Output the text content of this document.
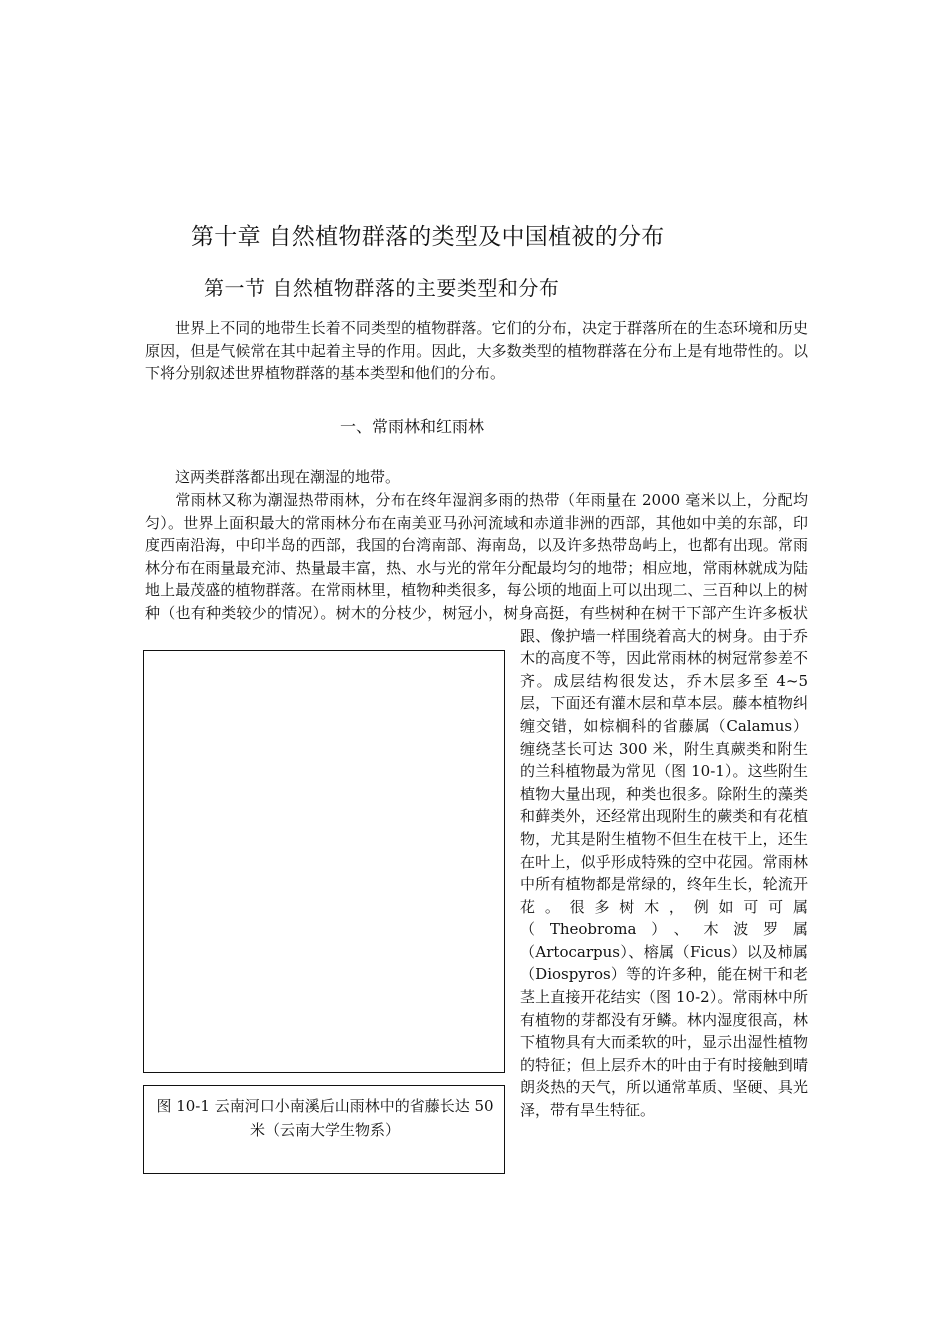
第十章 自然植物群落的类型及中国植被的分布
第一节 自然植物群落的主要类型和分布

世界上不同的地带生长着不同类型的植物群落。它们的分布，决定于群落所在的生态环境和历史原因，但是气候常在其中起着主导的作用。因此，大多数类型的植物群落在分布上是有地带性的。以下将分别叙述世界植物群落的基本类型和他们的分布。

一、常雨林和红雨林

这两类群落都出现在潮湿的地带。

常雨林又称为潮湿热带雨林，分布在终年湿润多雨的热带（年雨量在 2000 毫米以上，分配均匀）。世界上面积最大的常雨林分布在南美亚马孙河流域和赤道非洲的西部，其他如中美的东部，印度西南沿海，中印半岛的西部，我国的台湾南部、海南岛，以及许多热带岛屿上，也都有出现。常雨林分布在雨量最充沛、热量最丰富，热、水与光的常年分配最均匀的地带；相应地，常雨林就成为陆地上最茂盛的植物群落。在常雨林里，植物种类很多，每公顷的地面上可以出现二、三百种以上的树种（也有种类较少的情况）。树木的分枝少，树冠小，树身高挺，有些树种在树干下部产生许多板状跟、像护墙一样围绕着高大的树身。由于乔木的高度不等，因此常雨林的树冠常参差不齐。成层结构很发达，乔木层多至 4~5 层，下面还有灌木层和草本层。藤本植物纠缠交错，如棕榈科的省藤属（Calamus）缠绕茎长可达 300 米，附生真蕨类和附生的兰科植物最为常见（图 10-1）。这些附生植物大量出现，种类也很多。除附生的藻类和藓类外，还经常出现附生的蕨类和有花植物，尤其是附生植物不但生在枝干上，还生在叶上，似乎形成特殊的空中花园。常雨林中所有植物都是常绿的，终年生长，轮流开花。很多树木，例如可可属（Theobroma）、木波罗属（Artocarpus）、榕属（Ficus）以及柿属（Diospyros）等的许多种，能在树干和老茎上直接开花结实（图 10-2）。常雨林中所有植物的芽都没有牙鳞。林内湿度很高，林下植物具有大而柔软的叶，显示出湿性植物的特征；但上层乔木的叶由于有时接触到晴朗炎热的天气，所以通常革质、坚硬、具光泽，带有旱生特征。
图 10-1 云南河口小南溪后山雨林中的省藤长达 50 米（云南大学生物系）
